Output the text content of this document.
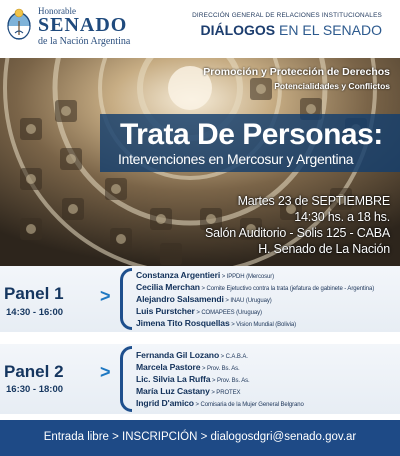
Honorable
SENADO
de la Nación Argentina
DIRECCIÓN GENERAL DE RELACIONES INSTITUCIONALES
DIÁLOGOS EN EL SENADO
Promoción y Protección de Derechos
Potencialidades y Conflictos
Trata De Personas:
Intervenciones en Mercosur y Argentina
Martes 23 de SEPTIEMBRE
14:30 hs. a 18 hs.
Salón Auditorio - Solis 125 - CABA
H. Senado de La Nación
Panel 1
14:30 - 16:00
>
Constanza Argentieri > IPPDH (Mercosur)
Cecilia Merchan > Comite Ejetuctivo contra la trata (jefatura de gabinete - Argentina)
Alejandro Salsamendi > INAU (Uruguay)
Luis Purstcher > COMAPEES (Uruguay)
Jimena Tito Rosquellas > Vision Mundial (Bolivia)
Panel 2
16:30 - 18:00
>
Fernanda Gil Lozano > C.A.B.A.
Marcela Pastore > Prov. Bs. As.
Lic. Silvia La Ruffa > Prov. Bs. As.
María Luz Castany > PROTEX
Ingrid D'amico > Comisaria de la Mujer General Belgrano
Entrada libre > INSCRIPCIÓN > dialogosdgri@senado.gov.ar
